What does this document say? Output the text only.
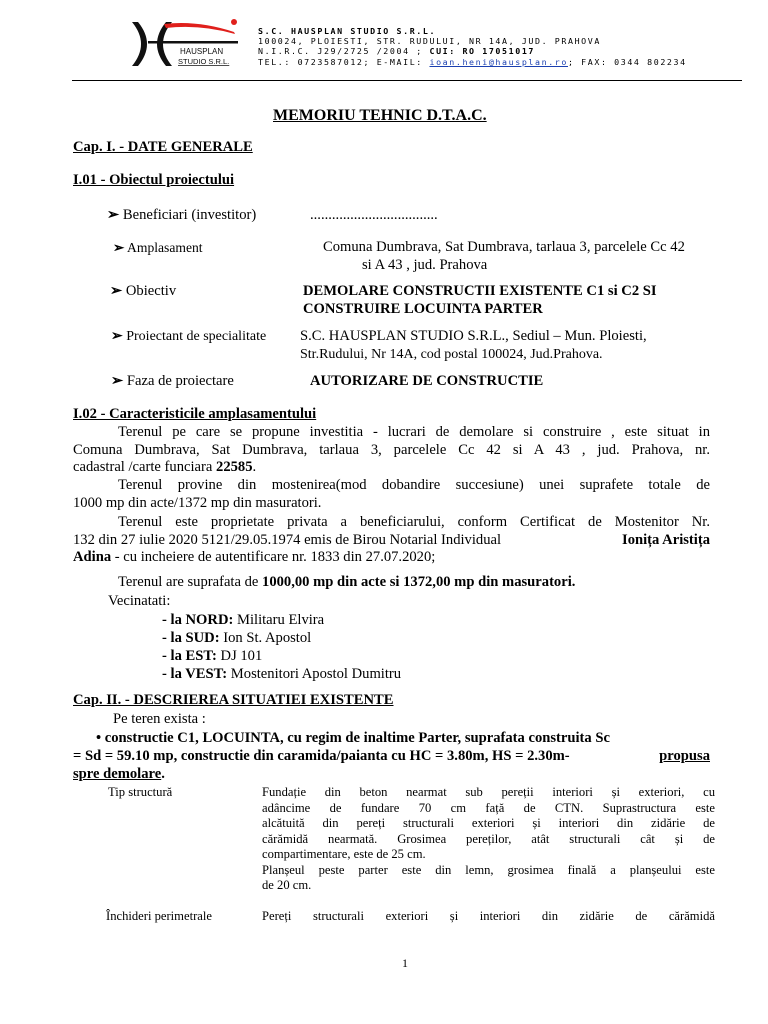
HAUSPLAN
STUDIO S.R.L.
S.C. HAUSPLAN STUDIO S.R.L.
100024, PLOIESTI, STR. RUDULUI, NR 14A, JUD. PRAHOVA
N.I.R.C. J29/2725 /2004 ; CUI: RO 17051017
TEL.: 0723587012; E-MAIL: ioan.heni@hausplan.ro; FAX: 0344 802234
MEMORIU TEHNIC D.T.A.C.
Cap. I. - DATE GENERALE
I.01 - Obiectul proiectului
➢ Beneficiari (investitor)	...................................
➢ Amplasament	Comuna Dumbrava, Sat Dumbrava, tarlaua 3, parcelele Cc 42
si A 43 , jud. Prahova
➢ Obiectiv	DEMOLARE CONSTRUCTII EXISTENTE C1 si C2 SI
CONSTRUIRE LOCUINTA PARTER
➢ Proiectant de specialitate S.C. HAUSPLAN STUDIO S.R.L., Sediul – Mun. Ploiesti,
Str.Rudului, Nr 14A, cod postal 100024, Jud.Prahova.
➢ Faza de proiectare	AUTORIZARE DE CONSTRUCTIE
I.02 - Caracteristicile amplasamentului
Terenul pe care se propune investitia - lucrari de demolare si construire , este situat in
Comuna Dumbrava, Sat Dumbrava, tarlaua 3, parcelele Cc 42 si A 43 , jud. Prahova, nr.
cadastral /carte funciara 22585.
Terenul provine din mostenirea(mod dobandire succesiune) unei suprafete totale de
1000 mp din acte/1372 mp din masuratori.
Terenul este proprietate privata a beneficiarului, conform Certificat de Mostenitor Nr.
132 din 27 iulie 2020 5121/29.05.1974 emis de Birou Notarial Individual	Ionița Aristița
Adina - cu incheiere de autentificare nr. 1833 din 27.07.2020;
Terenul are suprafata de 1000,00 mp din acte si 1372,00 mp din masuratori.
Vecinatati:
- la NORD: Militaru Elvira
- la SUD: Ion St. Apostol
- la EST: DJ 101
- la VEST: Mostenitori Apostol Dumitru
Cap. II. - DESCRIEREA SITUATIEI EXISTENTE
Pe teren exista :
• constructie C1, LOCUINTA, cu regim de inaltime Parter, suprafata construita Sc
= Sd = 59.10 mp, constructie din caramida/paianta cu HC = 3.80m, HS = 2.30m-	propusa
spre demolare.
Tip structură	Fundație din beton nearmat sub pereții interiori și exteriori, cu
adâncime de fundare 70 cm față de CTN. Suprastructura este
alcătuită din pereți structurali exteriori și interiori din zidărie de
cărămidă nearmată. Grosimea pereților, atât structurali cât și de
compartimentare, este de 25 cm.
Planșeul peste parter este din lemn, grosimea finală a planșeului este
de 20 cm.
Închideri perimetrale	Pereți structurali exteriori și interiori din zidărie de cărămidă
1
